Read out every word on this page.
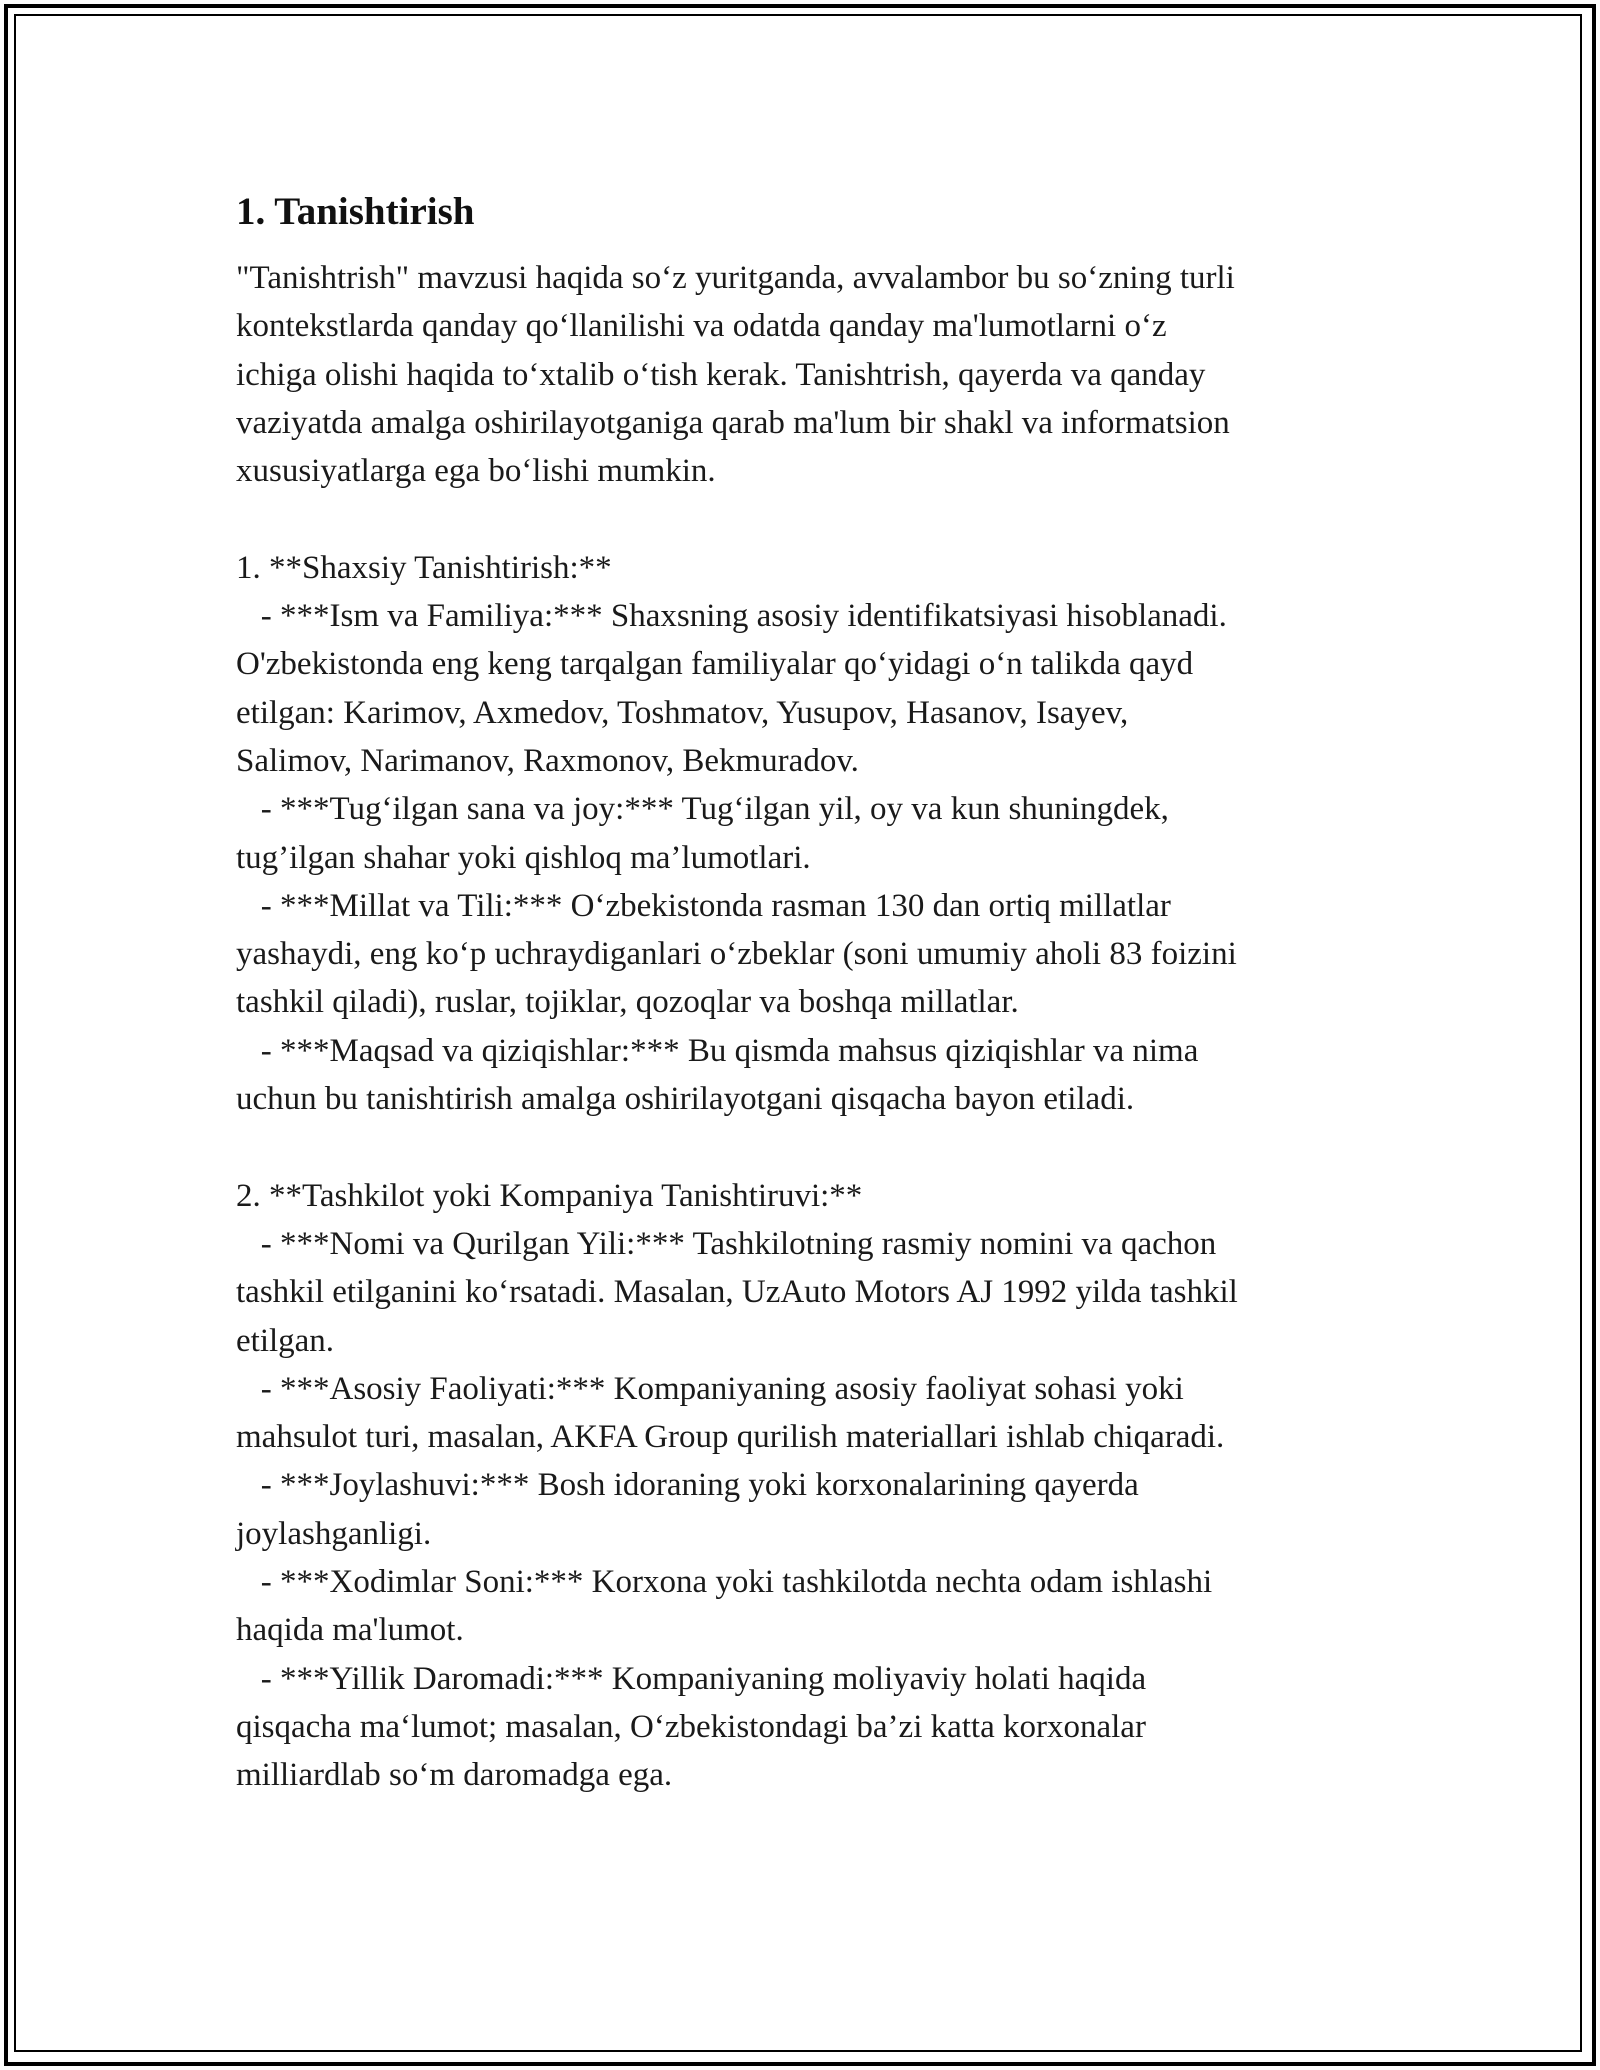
1. Tanishtirish

"Tanishtrish" mavzusi haqida so‘z yuritganda, avvalambor bu so‘zning turli
kontekstlarda qanday qo‘llanilishi va odatda qanday ma'lumotlarni o‘z
ichiga olishi haqida to‘xtalib o‘tish kerak. Tanishtrish, qayerda va qanday
vaziyatda amalga oshirilayotganiga qarab ma'lum bir shakl va informatsion
xususiyatlarga ega bo‘lishi mumkin.

1. **Shaxsiy Tanishtirish:**

- ***Ism va Familiya:*** Shaxsning asosiy identifikatsiyasi hisoblanadi.
O'zbekistonda eng keng tarqalgan familiyalar qo‘yidagi o‘n talikda qayd
etilgan: Karimov, Axmedov, Toshmatov, Yusupov, Hasanov, Isayev,
Salimov, Narimanov, Raxmonov, Bekmuradov.

- ***Tug‘ilgan sana va joy:*** Tug‘ilgan yil, oy va kun shuningdek,
tug’ilgan shahar yoki qishloq ma’lumotlari.

- ***Millat va Tili:*** O‘zbekistonda rasman 130 dan ortiq millatlar
yashaydi, eng ko‘p uchraydiganlari o‘zbeklar (soni umumiy aholi 83 foizini
tashkil qiladi), ruslar, tojiklar, qozoqlar va boshqa millatlar.

- ***Maqsad va qiziqishlar:*** Bu qismda mahsus qiziqishlar va nima
uchun bu tanishtirish amalga oshirilayotgani qisqacha bayon etiladi.

2. **Tashkilot yoki Kompaniya Tanishtiruvi:**

- ***Nomi va Qurilgan Yili:*** Tashkilotning rasmiy nomini va qachon
tashkil etilganini ko‘rsatadi. Masalan, UzAuto Motors AJ 1992 yilda tashkil
etilgan.

- ***Asosiy Faoliyati:*** Kompaniyaning asosiy faoliyat sohasi yoki
mahsulot turi, masalan, AKFA Group qurilish materiallari ishlab chiqaradi.

- ***Joylashuvi:*** Bosh idoraning yoki korxonalarining qayerda
joylashganligi.

- ***Xodimlar Soni:*** Korxona yoki tashkilotda nechta odam ishlashi
haqida ma'lumot.

- ***Yillik Daromadi:*** Kompaniyaning moliyaviy holati haqida
qisqacha ma‘lumot; masalan, O‘zbekistondagi ba’zi katta korxonalar
milliardlab so‘m daromadga ega.
